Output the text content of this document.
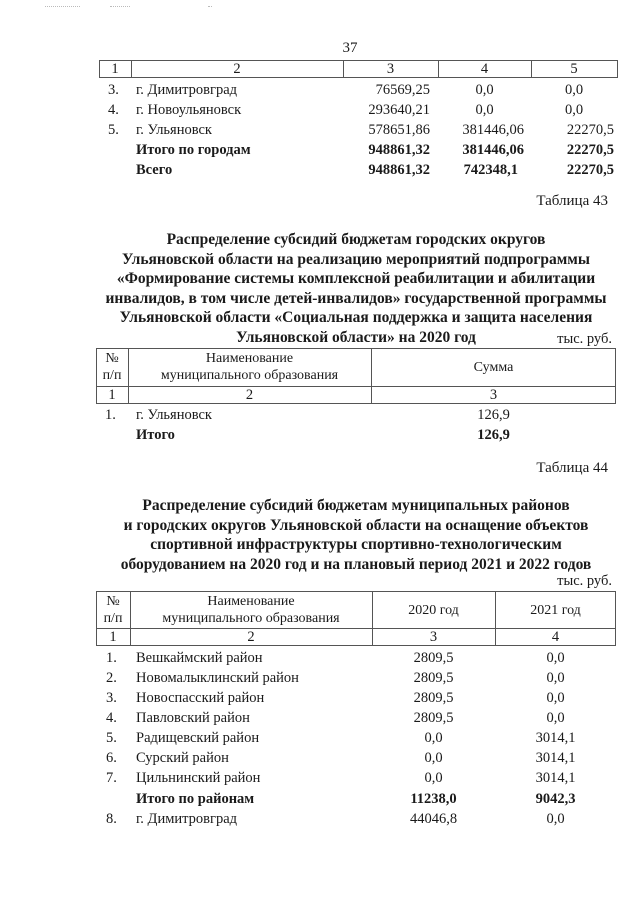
37
1	2	3	4	5
3. г. Димитровград	76569,25	0,0	0,0
4. г. Новоульяновск	293640,21	0,0	0,0
5. г. Ульяновск	578651,86	381446,06	22270,5
Итого по городам	948861,32	381446,06	22270,5
Всего	948861,32	742348,1	22270,5
Таблица 43
Распределение субсидий бюджетам городских округов
Ульяновской области на реализацию мероприятий подпрограммы
«Формирование системы комплексной реабилитации и абилитации
инвалидов, в том числе детей-инвалидов» государственной программы
Ульяновской области «Социальная поддержка и защита населения
Ульяновской области» на 2020 год	тыс. руб.
№
п/п
Наименование
муниципального образования
Сумма
1	2	3
1. г. Ульяновск	126,9
Итого	126,9
Таблица 44
Распределение субсидий бюджетам муниципальных районов
и городских округов Ульяновской области на оснащение объектов
спортивной инфраструктуры спортивно-технологическим
оборудованием на 2020 год и на плановый период 2021 и 2022 годов
тыс. руб.
№
п/п
Наименование
муниципального образования
2020 год	2021 год
1	2	3	4
1. Вешкаймский район	2809,5	0,0
2. Новомалыклинский район	2809,5	0,0
3. Новоспасский район	2809,5	0,0
4. Павловский район	2809,5	0,0
5. Радищевский район	0,0	3014,1
6. Сурский район	0,0	3014,1
7. Цильнинский район	0,0	3014,1
Итого по районам	11238,0	9042,3
8. г. Димитровград	44046,8	0,0
